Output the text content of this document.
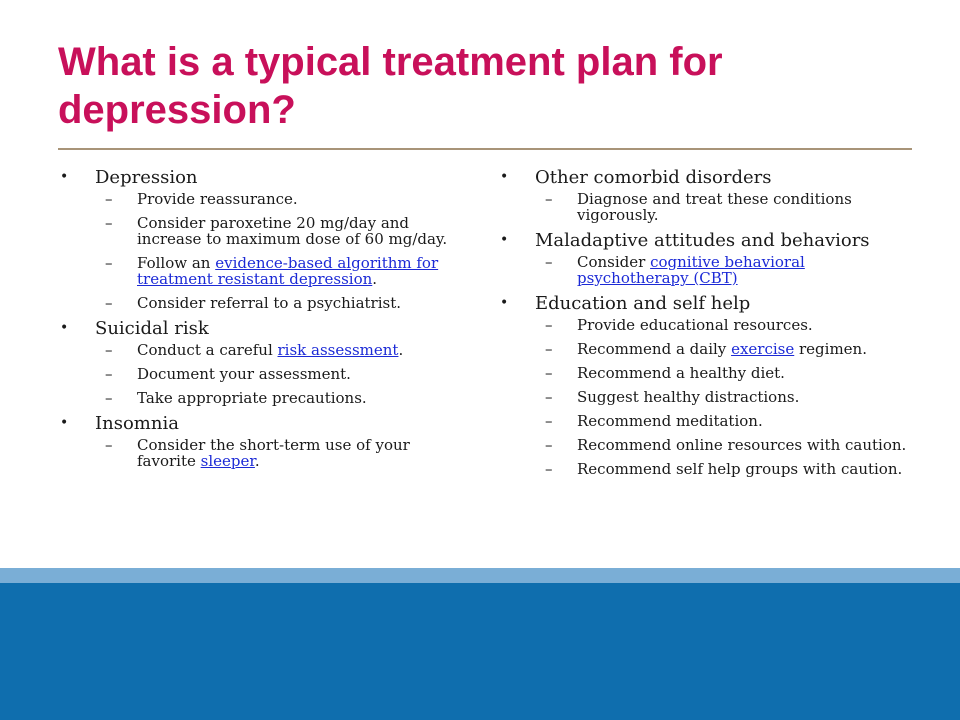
What is a typical treatment plan for depression?
• Depression
– Provide reassurance.
– Consider paroxetine 20 mg/day and increase to maximum dose of 60 mg/day.
– Follow an evidence-based algorithm for treatment resistant depression.
– Consider referral to a psychiatrist.
• Suicidal risk
– Conduct a careful risk assessment.
– Document your assessment.
– Take appropriate precautions.
• Insomnia
– Consider the short-term use of your favorite sleeper.
• Other comorbid disorders
– Diagnose and treat these conditions vigorously.
• Maladaptive attitudes and behaviors
– Consider cognitive behavioral psychotherapy (CBT)
• Education and self help
– Provide educational resources.
– Recommend a daily exercise regimen.
– Recommend a healthy diet.
– Suggest healthy distractions.
– Recommend meditation.
– Recommend online resources with caution.
– Recommend self help groups with caution.
